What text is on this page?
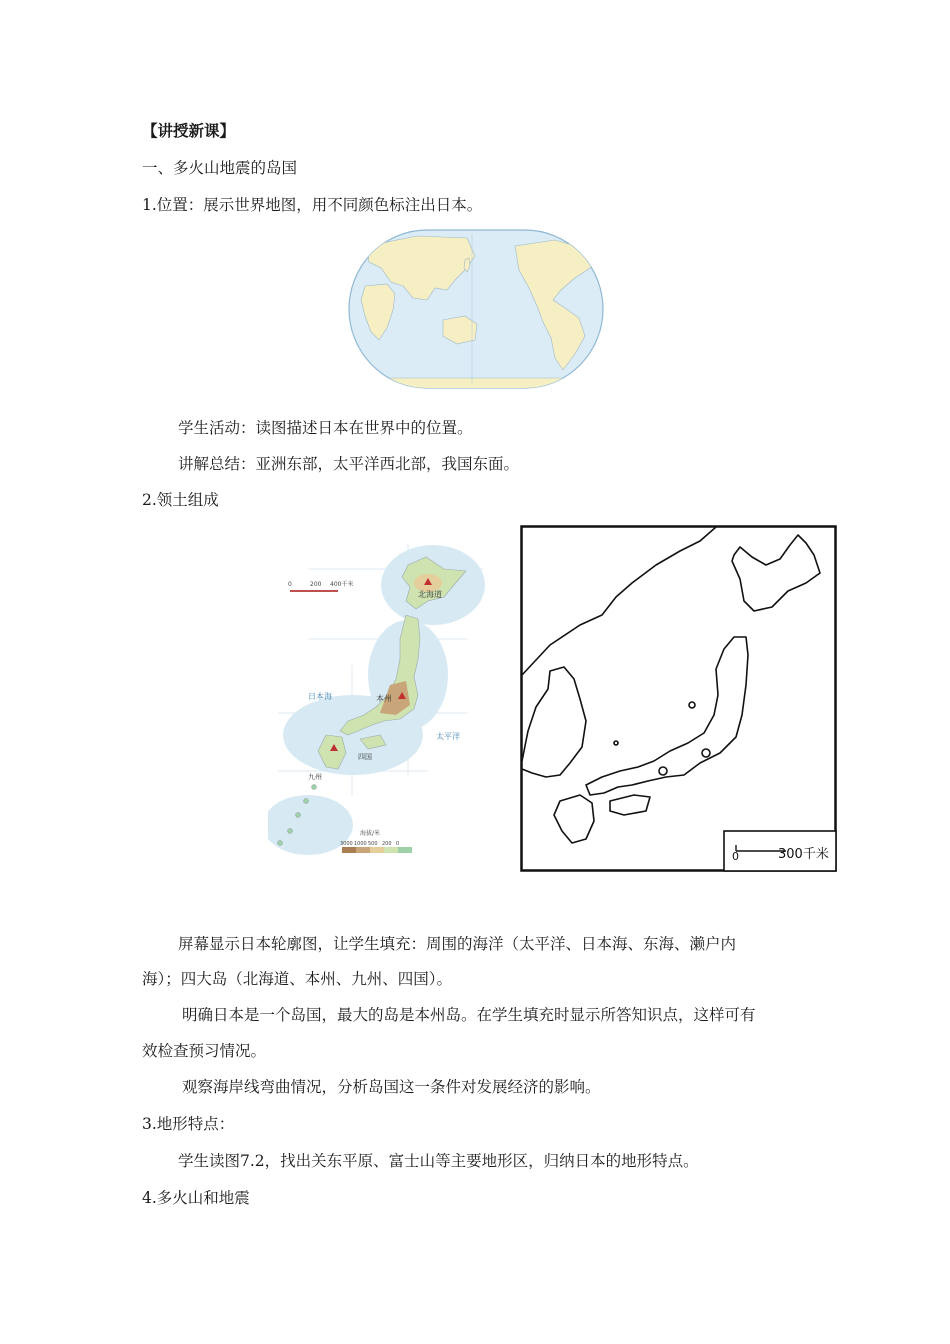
【讲授新课】
一、多火山地震的岛国
1.位置：展示世界地图，用不同颜色标注出日本。
学生活动：读图描述日本在世界中的位置。
讲解总结：亚洲东部，太平洋西北部，我国东面。
2.领土组成
北海道
本州
四国
九州
日本海
太平洋
0	200 400千米
海拔/米
3000 1000 500 200 0
0	300千米
屏幕显示日本轮廓图，让学生填充：周围的海洋（太平洋、日本海、东海、濑户内
海）；四大岛（北海道、本州、九州、四国）。
明确日本是一个岛国，最大的岛是本州岛。在学生填充时显示所答知识点，这样可有
效检查预习情况。
观察海岸线弯曲情况，分析岛国这一条件对发展经济的影响。
3.地形特点：
学生读图7.2，找出关东平原、富士山等主要地形区，归纳日本的地形特点。
4.多火山和地震
